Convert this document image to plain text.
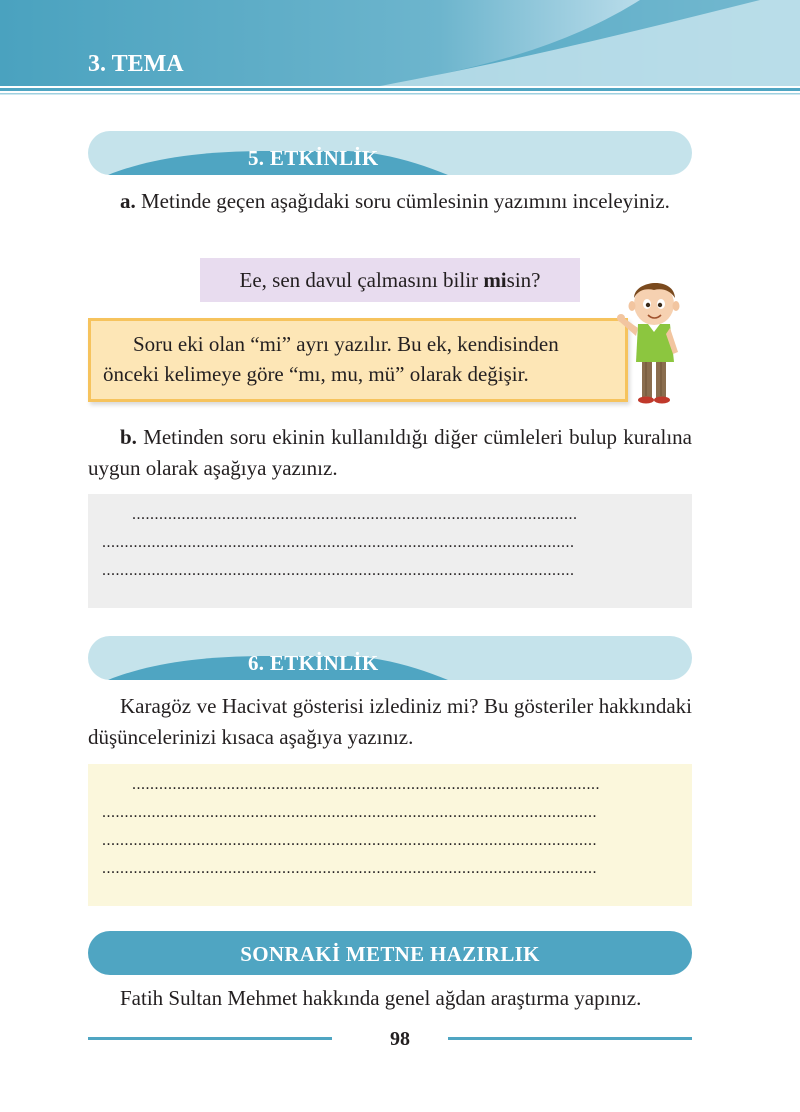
3. TEMA
5. ETKİNLİK

a. Metinde geçen aşağıdaki soru cümlesinin yazımını inceleyiniz.

Ee, sen davul çalmasını bilir misin?
Soru eki olan “mi” ayrı yazılır. Bu ek, kendisinden
önceki kelimeye göre “mı, mu, mü” olarak değişir.

b. Metinden soru ekinin kullanıldığı diğer cümleleri bulup kuralına uygun olarak aşağıya yazınız.

...................................................................................................
.........................................................................................................
.........................................................................................................
6. ETKİNLİK

Karagöz ve Hacivat gösterisi izlediniz mi? Bu gösteriler hakkındaki düşüncelerinizi kısaca aşağıya yazınız.

........................................................................................................
..............................................................................................................
..............................................................................................................
..............................................................................................................
SONRAKİ METNE HAZIRLIK

Fatih Sultan Mehmet hakkında genel ağdan araştırma yapınız.

98
